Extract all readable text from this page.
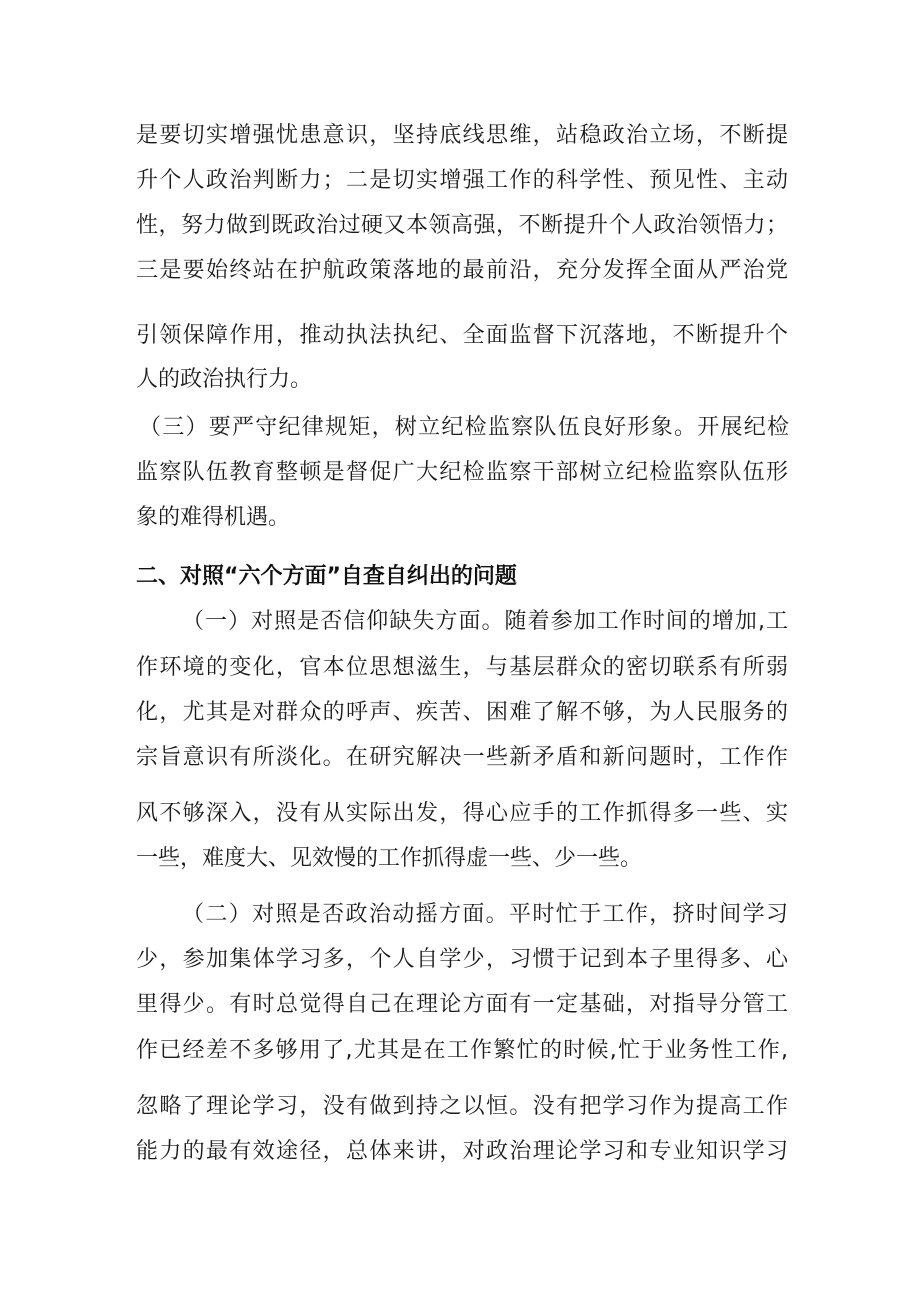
是要切实增强忧患意识，坚持底线思维，站稳政治立场，不断提
升个人政治判断力；二是切实增强工作的科学性、预见性、主动
性，努力做到既政治过硬又本领高强，不断提升个人政治领悟力；
三是要始终站在护航政策落地的最前沿，充分发挥全面从严治党
引领保障作用，推动执法执纪、全面监督下沉落地，不断提升个
人的政治执行力。
（三）要严守纪律规矩，树立纪检监察队伍良好形象。开展纪检
监察队伍教育整顿是督促广大纪检监察干部树立纪检监察队伍形
象的难得机遇。
二、对照“六个方面”自查自纠出的问题
（一）对照是否信仰缺失方面。随着参加工作时间的增加,工
作环境的变化，官本位思想滋生，与基层群众的密切联系有所弱
化，尤其是对群众的呼声、疾苦、困难了解不够，为人民服务的
宗旨意识有所淡化。在研究解决一些新矛盾和新问题时，工作作
风不够深入，没有从实际出发，得心应手的工作抓得多一些、实
一些，难度大、见效慢的工作抓得虚一些、少一些。
（二）对照是否政治动摇方面。平时忙于工作，挤时间学习
少，参加集体学习多，个人自学少，习惯于记到本子里得多、心
里得少。有时总觉得自己在理论方面有一定基础，对指导分管工
作已经差不多够用了,尤其是在工作繁忙的时候,忙于业务性工作,
忽略了理论学习，没有做到持之以恒。没有把学习作为提高工作
能力的最有效途径，总体来讲，对政治理论学习和专业知识学习
